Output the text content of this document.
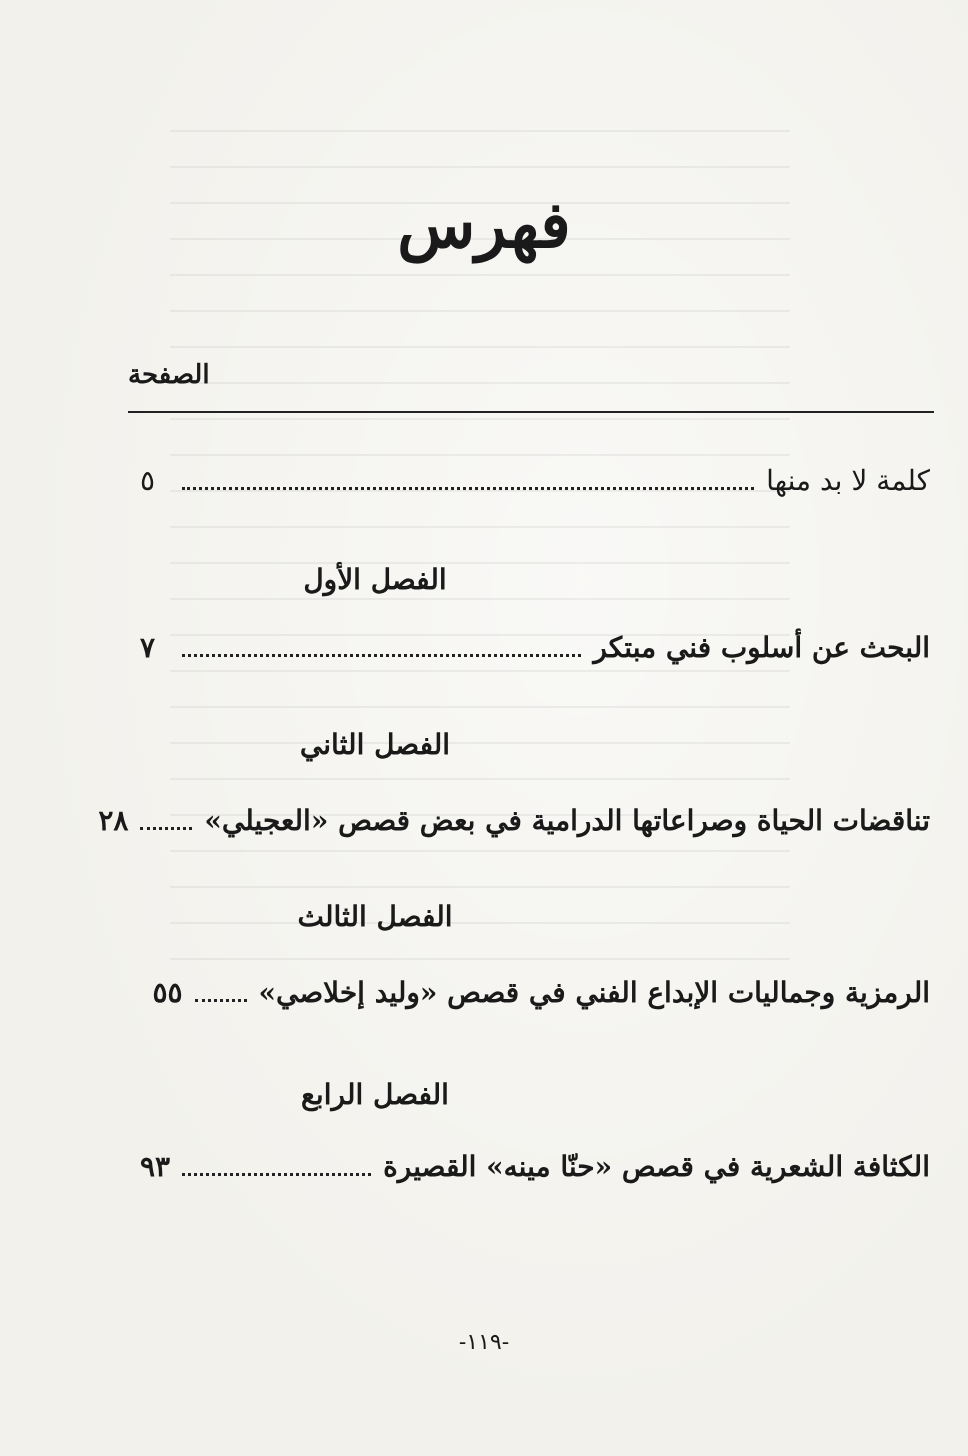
فهرس
الصفحة
كلمة لا بد منها
٥
الفصل الأول
البحث عن أسلوب فني مبتكر
٧
الفصل الثاني
تناقضات الحياة وصراعاتها الدرامية في بعض قصص «العجيلي»
٢٨
الفصل الثالث
الرمزية وجماليات الإبداع الفني في قصص «وليد إخلاصي»
٥٥
الفصل الرابع
الكثافة الشعرية في قصص «حنّا مينه» القصيرة
٩٣
-١١٩-
